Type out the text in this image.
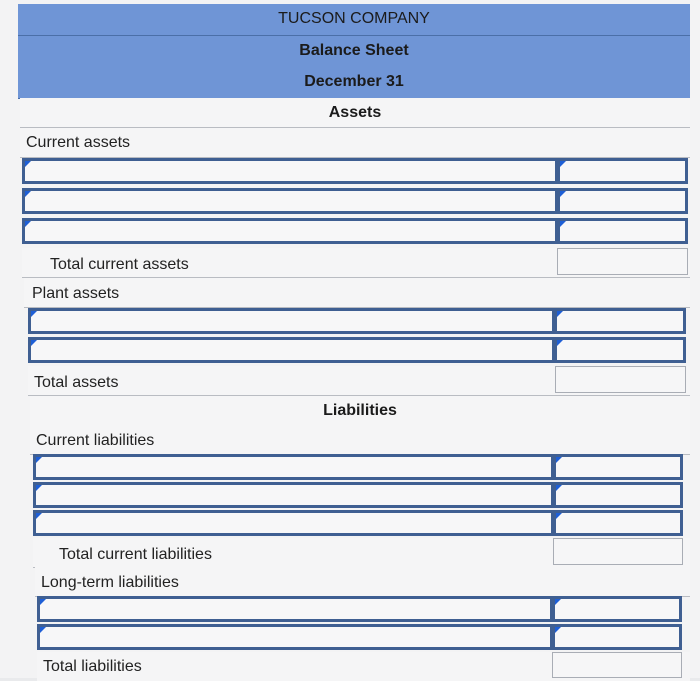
TUCSON COMPANY
Balance Sheet
December 31
Assets
Current assets
Total current assets
Plant assets
Total assets
Liabilities
Current liabilities
Total current liabilities
Long-term liabilities
Total liabilities
